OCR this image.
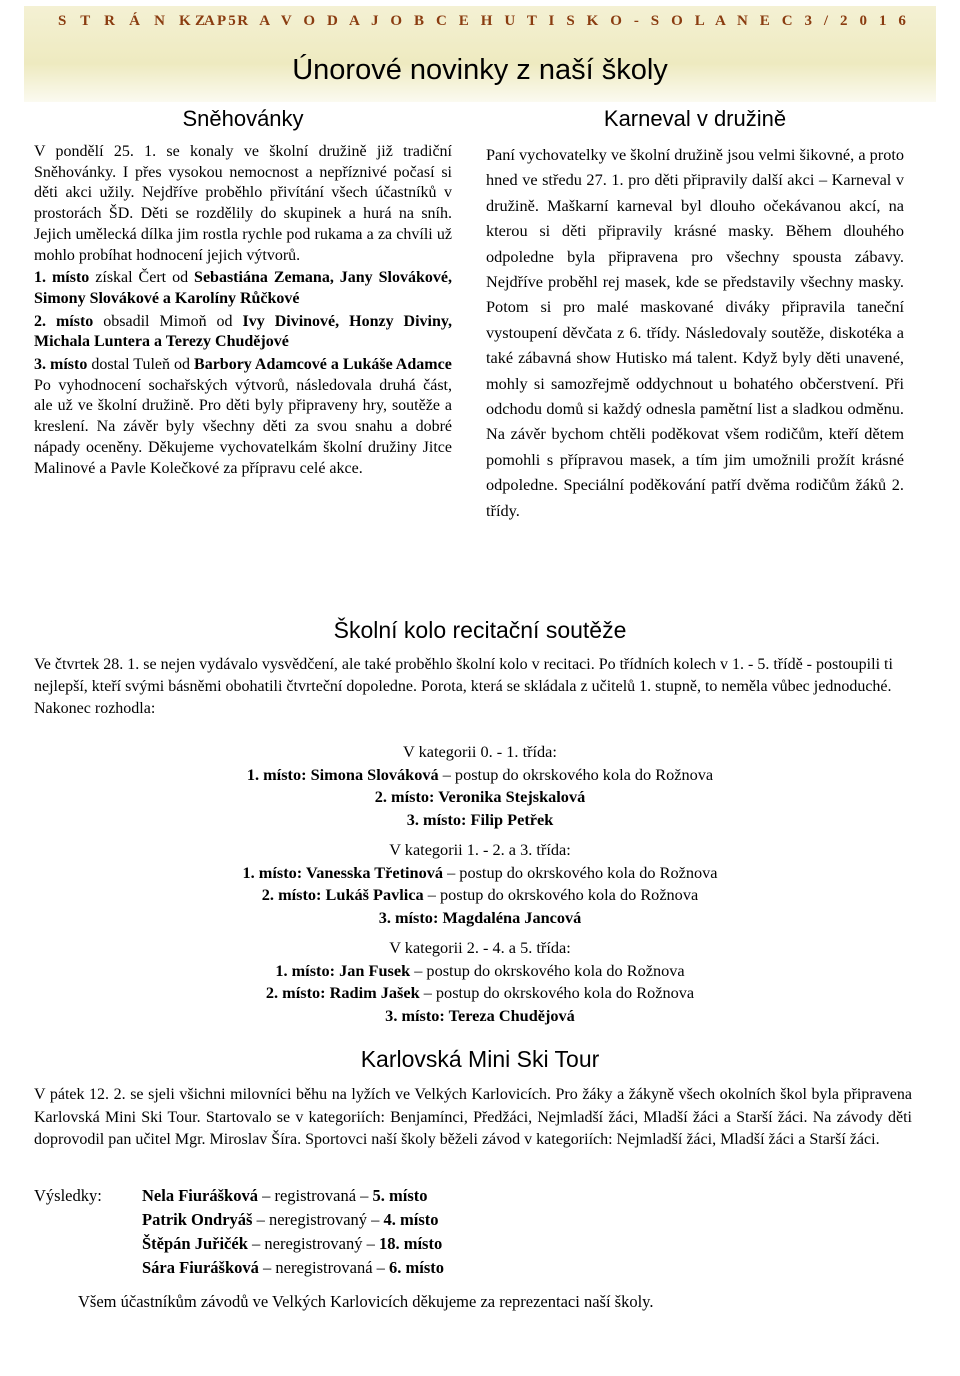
S T R Á N K A 5
Z P R A V O D A J O B C E H U T I S K O - S O L A N E C 3 / 2 0 1 6
Únorové novinky z naší školy
Sněhovánky

V pondělí 25. 1. se konaly ve školní družině již tradiční Sněhovánky. I přes vysokou nemocnost a nepříznivé počasí si děti akci užily. Nejdříve proběhlo přivítání všech účastníků v prostorách ŠD. Děti se rozdělily do skupinek a hurá na sníh. Jejich umělecká dílka jim rostla rychle pod rukama a za chvíli už mohlo probíhat hodnocení jejich výtvorů.

1. místo získal Čert od Sebastiána Zemana, Jany Slovákové, Simony Slovákové a Karolíny Růčkové

2. místo obsadil Mimoň od Ivy Divinové, Honzy Diviny, Michala Luntera a Terezy Chudějové

3. místo dostal Tuleň od Barbory Adamcové a Lukáše Adamce

Po vyhodnocení sochařských výtvorů, následovala druhá část, ale už ve školní družině. Pro děti byly připraveny hry, soutěže a kreslení. Na závěr byly všechny děti za svou snahu a dobré nápady oceněny. Děkujeme vychovatelkám školní družiny Jitce Malinové a Pavle Kolečkové za přípravu celé akce.

Karneval v družině

Paní vychovatelky ve školní družině jsou velmi šikovné, a proto hned ve středu 27. 1. pro děti připravily další akci – Karneval v družině. Maškarní karneval byl dlouho očekávanou akcí, na kterou si děti připravily krásné masky. Během dlouhého odpoledne byla připravena pro všechny spousta zábavy. Nejdříve proběhl rej masek, kde se představily všechny masky. Potom si pro malé maskované diváky připravila taneční vystoupení děvčata z 6. třídy. Následovaly soutěže, diskotéka a také zábavná show Hutisko má talent. Když byly děti unavené, mohly si samozřejmě oddychnout u bohatého občerstvení. Při odchodu domů si každý odnesla pamětní list a sladkou odměnu. Na závěr bychom chtěli poděkovat všem rodičům, kteří dětem pomohli s přípravou masek, a tím jim umožnili prožít krásné odpoledne. Speciální poděkování patří dvěma rodičům žáků 2. třídy.

Školní kolo recitační soutěže

Ve čtvrtek 28. 1. se nejen vydávalo vysvědčení, ale také proběhlo školní kolo v recitaci. Po třídních kolech v 1. - 5. třídě - postoupili ti nejlepší, kteří svými básněmi obohatili čtvrteční dopoledne. Porota, která se skládala z učitelů 1. stupně, to neměla vůbec jednoduché. Nakonec rozhodla:

V kategorii 0. - 1. třída:
1. místo: Simona Slováková – postup do okrskového kola do Rožnova
2. místo: Veronika Stejskalová
3. místo: Filip Petřek
V kategorii 1. - 2. a 3. třída:
1. místo: Vanesska Třetinová – postup do okrskového kola do Rožnova
2. místo: Lukáš Pavlica – postup do okrskového kola do Rožnova
3. místo: Magdaléna Jancová
V kategorii 2. - 4. a 5. třída:
1. místo: Jan Fusek – postup do okrskového kola do Rožnova
2. místo: Radim Jašek – postup do okrskového kola do Rožnova
3. místo: Tereza Chudějová
Karlovská Mini Ski Tour

V pátek 12. 2. se sjeli všichni milovníci běhu na lyžích ve Velkých Karlovicích. Pro žáky a žákyně všech okolních škol byla připravena Karlovská Mini Ski Tour. Startovalo se v kategoriích: Benjamínci, Předžáci, Nejmladší žáci, Mladší žáci a Starší žáci. Na závody děti doprovodil pan učitel Mgr. Miroslav Šíra. Sportovci naší školy běželi závod v kategoriích: Nejmladší žáci, Mladší žáci a Starší žáci.

Výsledky: Nela Fiurášková – registrovaná – 5. místo
Patrik Ondryáš – neregistrovaný – 4. místo
Štěpán Juřičék – neregistrovaný – 18. místo
Sára Fiurášková – neregistrovaná – 6. místo
Všem účastníkům závodů ve Velkých Karlovicích děkujeme za reprezentaci naší školy.
